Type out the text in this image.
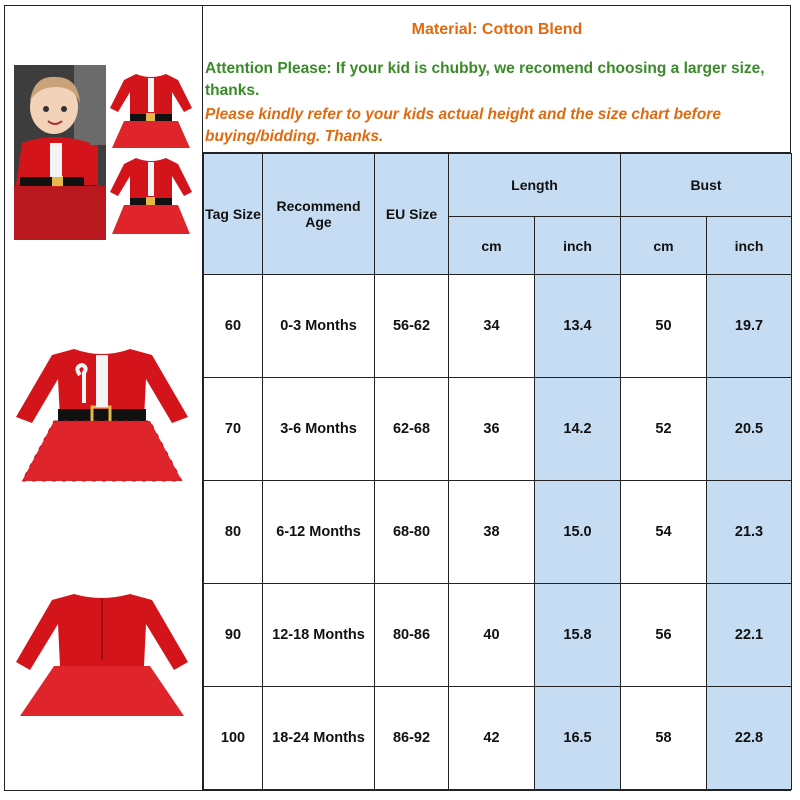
Material: Cotton Blend
Attention Please: If your kid is chubby, we recomend choosing a larger size, thanks.
Please kindly refer to your kids actual height and the size chart before buying/bidding. Thanks.
Tag Size	Recommend Age	EU Size	Length		Bust	
			cm	inch	cm	inch
60	0-3 Months	56-62	34	13.4	50	19.7
70	3-6 Months	62-68	36	14.2	52	20.5
80	6-12 Months	68-80	38	15.0	54	21.3
90	12-18 Months	80-86	40	15.8	56	22.1
100	18-24 Months	86-92	42	16.5	58	22.8
